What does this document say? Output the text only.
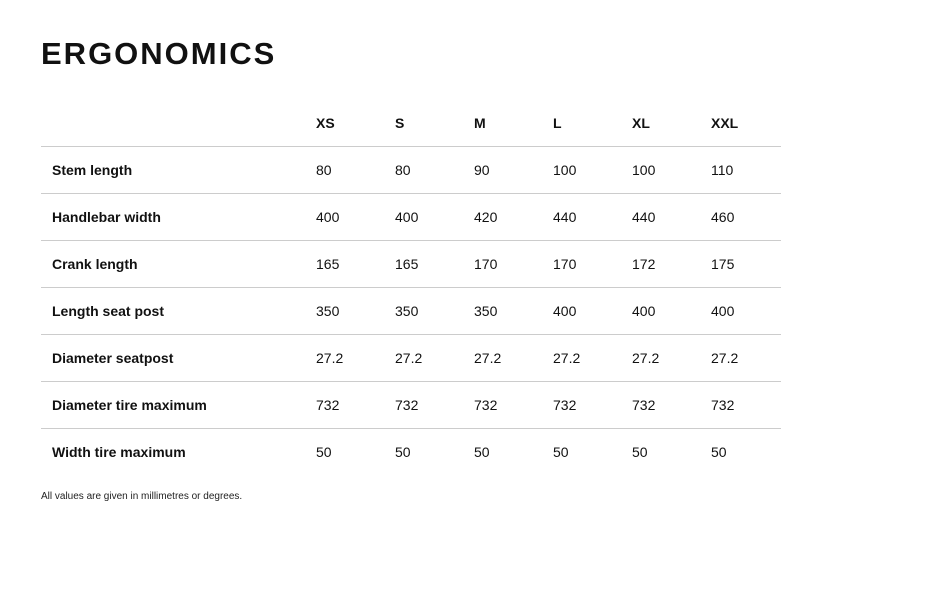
ERGONOMICS
	XS	S	M	L	XL	XXL
Stem length	80	80	90	100	100	110
Handlebar width	400	400	420	440	440	460
Crank length	165	165	170	170	172	175
Length seat post	350	350	350	400	400	400
Diameter seatpost	27.2	27.2	27.2	27.2	27.2	27.2
Diameter tire maximum	732	732	732	732	732	732
Width tire maximum	50	50	50	50	50	50
All values are given in millimetres or degrees.
